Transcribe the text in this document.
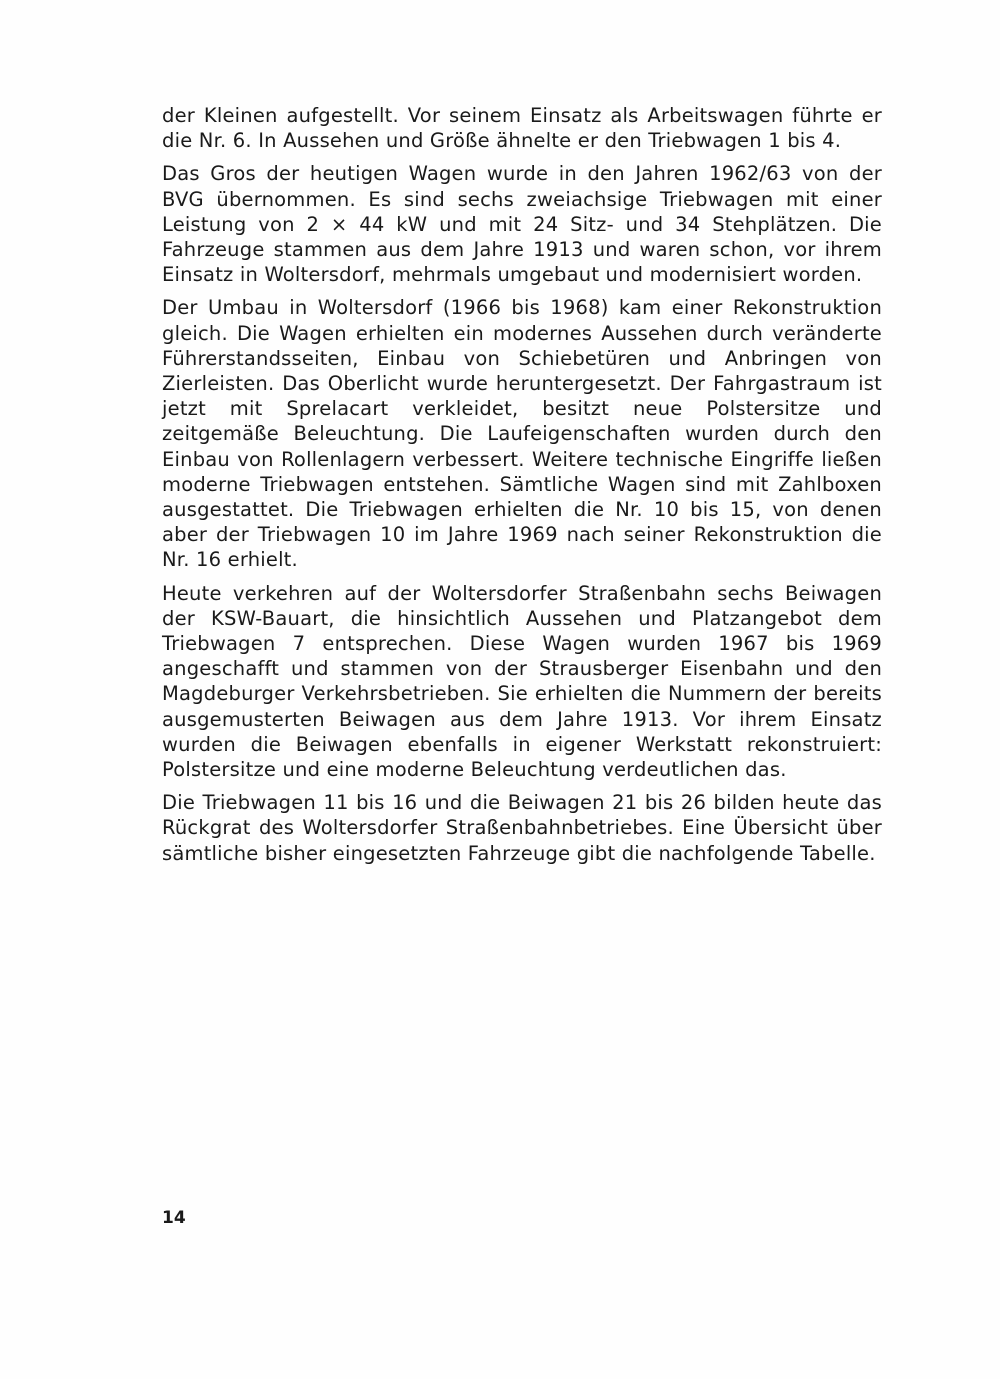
der Kleinen aufgestellt. Vor seinem Einsatz als Arbeitswagen führte er die Nr. 6. In Aussehen und Größe ähnelte er den Triebwagen 1 bis 4.

Das Gros der heutigen Wagen wurde in den Jahren 1962/63 von der BVG übernommen. Es sind sechs zweiachsige Triebwagen mit einer Leistung von 2 × 44 kW und mit 24 Sitz- und 34 Stehplätzen. Die Fahrzeuge stammen aus dem Jahre 1913 und waren schon, vor ihrem Einsatz in Woltersdorf, mehrmals umgebaut und modernisiert worden.

Der Umbau in Woltersdorf (1966 bis 1968) kam einer Rekonstruktion gleich. Die Wagen erhielten ein modernes Aussehen durch veränderte Führerstandsseiten, Einbau von Schiebetüren und Anbringen von Zierleisten. Das Oberlicht wurde heruntergesetzt. Der Fahrgastraum ist jetzt mit Sprelacart verkleidet, besitzt neue Polstersitze und zeitgemäße Beleuchtung. Die Laufeigenschaften wurden durch den Einbau von Rollenlagern verbessert. Weitere technische Eingriffe ließen moderne Triebwagen entstehen. Sämtliche Wagen sind mit Zahlboxen ausgestattet. Die Triebwagen erhielten die Nr. 10 bis 15, von denen aber der Triebwagen 10 im Jahre 1969 nach seiner Rekonstruktion die Nr. 16 erhielt.

Heute verkehren auf der Woltersdorfer Straßenbahn sechs Beiwagen der KSW-Bauart, die hinsichtlich Aussehen und Platzangebot dem Triebwagen 7 entsprechen. Diese Wagen wurden 1967 bis 1969 angeschafft und stammen von der Strausberger Eisenbahn und den Magdeburger Verkehrsbetrieben. Sie erhielten die Nummern der bereits ausgemusterten Beiwagen aus dem Jahre 1913. Vor ihrem Einsatz wurden die Beiwagen ebenfalls in eigener Werkstatt rekonstruiert: Polstersitze und eine moderne Beleuchtung verdeutlichen das.

Die Triebwagen 11 bis 16 und die Beiwagen 21 bis 26 bilden heute das Rückgrat des Woltersdorfer Straßenbahnbetriebes. Eine Übersicht über sämtliche bisher eingesetzten Fahrzeuge gibt die nachfolgende Tabelle.

14
